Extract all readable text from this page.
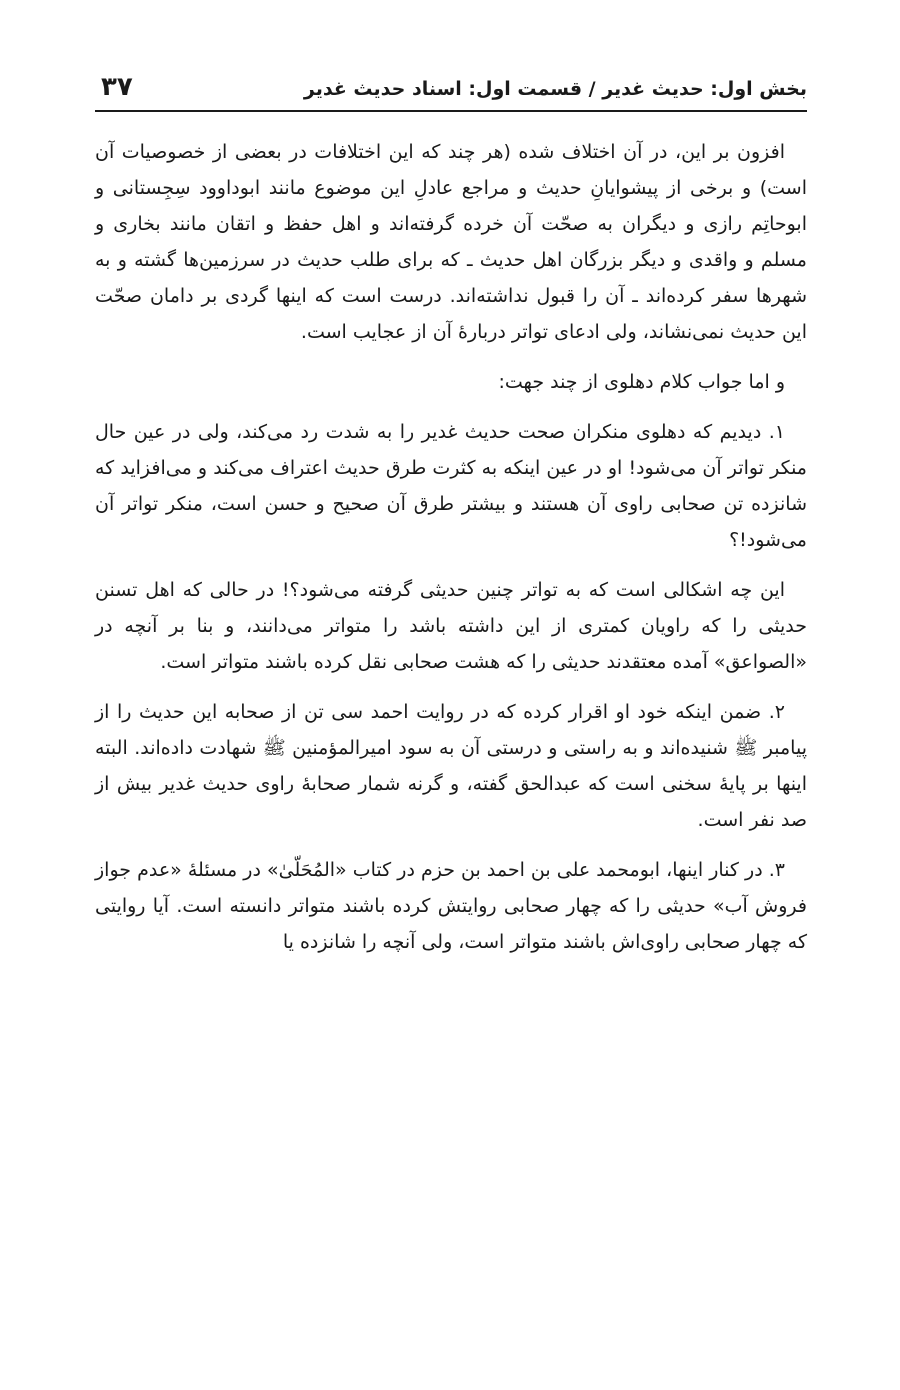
بخش اول: حدیث غدیر / قسمت اول: اسناد حدیث غدیر
۳۷

افزون بر این، در آن اختلاف شده (هر چند که این اختلافات در بعضی از خصوصیات آن است) و برخی از پیشوایانِ حدیث و مراجع عادلِ این موضوع مانند ابوداوود سِجِستانی و ابوحاتِم رازی و دیگران به صحّت آن خرده گرفته‌اند و اهل حفظ و اتقان مانند بخاری و مسلم و واقدی و دیگر بزرگان اهل حدیث ـ که برای طلب حدیث در سرزمین‌ها گشته و به شهرها سفر کرده‌اند ـ آن را قبول نداشته‌اند. درست است که اینها گردی بر دامان صحّت این حدیث نمی‌نشاند، ولی ادعای تواتر دربارهٔ آن از عجایب است.

و اما جواب کلام دهلوی از چند جهت:

۱. دیدیم که دهلوی منکران صحت حدیث غدیر را به شدت رد می‌کند، ولی در عین حال منکر تواتر آن می‌شود! او در عین اینکه به کثرت طرق حدیث اعتراف می‌کند و می‌افزاید که شانزده تن صحابی راوی آن هستند و بیشتر طرق آن صحیح و حسن است، منکر تواتر آن می‌شود!؟

این چه اشکالی است که به تواتر چنین حدیثی گرفته می‌شود؟! در حالی که اهل تسنن حدیثی را که راویان کمتری از این داشته باشد را متواتر می‌دانند، و بنا بر آنچه در «الصواعق» آمده معتقدند حدیثی را که هشت صحابی نقل کرده باشند متواتر است.

۲. ضمن اینکه خود او اقرار کرده که در روایت احمد سی تن از صحابه این حدیث را از پیامبر ﷺ شنیده‌اند و به راستی و درستی آن به سود امیرالمؤمنین ﷺ شهادت داده‌اند. البته اینها بر پایهٔ سخنی است که عبدالحق گفته، و گرنه شمار صحابهٔ راوی حدیث غدیر بیش از صد نفر است.

۳. در کنار اینها، ابومحمد علی بن احمد بن حزم در کتاب «المُحَلّیٰ» در مسئلهٔ «عدم جواز فروش آب» حدیثی را که چهار صحابی روایتش کرده باشند متواتر دانسته است. آیا روایتی که چهار صحابی راوی‌اش باشند متواتر است، ولی آنچه را شانزده یا
